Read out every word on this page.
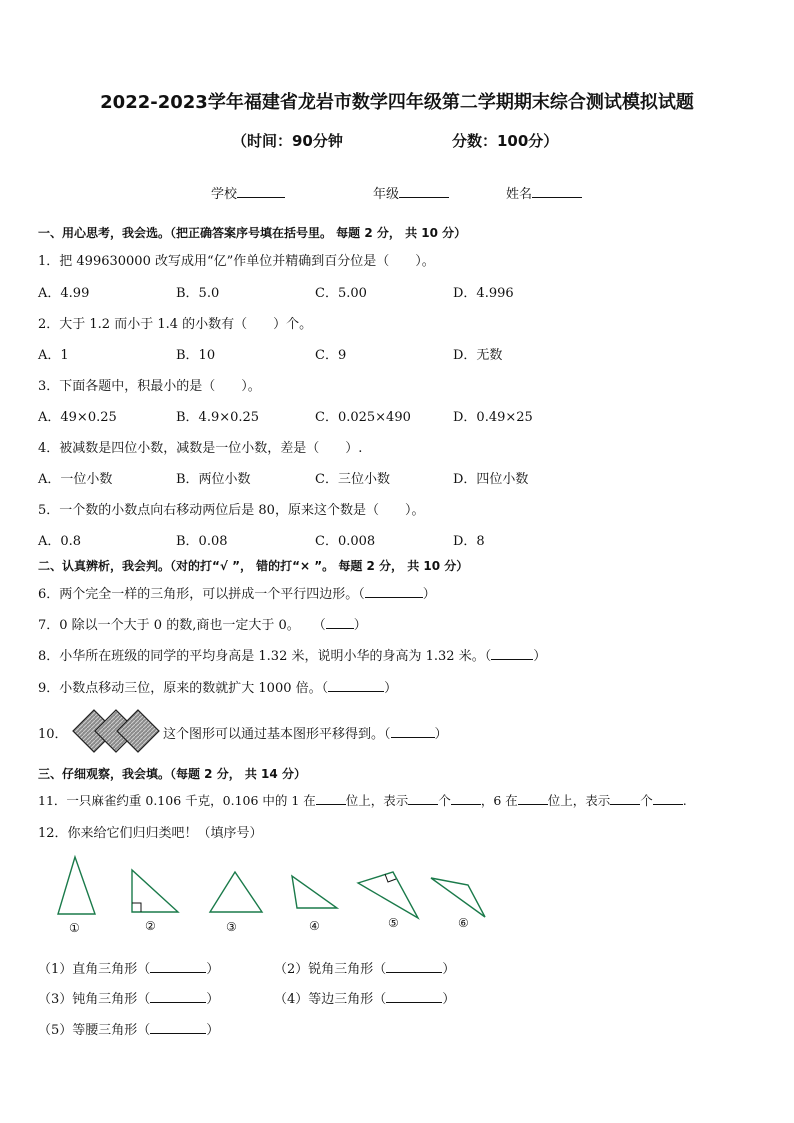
2022-2023学年福建省龙岩市数学四年级第二学期期末综合测试模拟试题
（时间：90分钟	分数：100分）
学校	年级	姓名
一、用心思考，我会选。（把正确答案序号填在括号里。 每题 2 分， 共 10 分）
1．把 499630000 改写成用“亿”作单位并精确到百分位是（　　）。
A．4.99	B．5.0	C．5.00	D．4.996
2．大于 1.2 而小于 1.4 的小数有（　　）个。
A．1	B．10	C．9	D．无数
3．下面各题中，积最小的是（　　）。
A．49×0.25	B．4.9×0.25	C．0.025×490	D．0.49×25
4．被减数是四位小数，减数是一位小数，差是（　　）.
A．一位小数	B．两位小数	C．三位小数	D．四位小数
5．一个数的小数点向右移动两位后是 80，原来这个数是（　　）。
A．0.8	B．0.08	C．0.008	D．8
二、认真辨析，我会判。（对的打“√ ”， 错的打“× ”。 每题 2 分， 共 10 分）
6．两个完全一样的三角形，可以拼成一个平行四边形。（	）
7．0 除以一个大于 0 的数,商也一定大于 0。　　（ ）
8．小华所在班级的同学的平均身高是 1.32 米，说明小华的身高为 1.32 米。（	）
9．小数点移动三位，原来的数就扩大 1000 倍。（	）
10．	这个图形可以通过基本图形平移得到。（	）
三、仔细观察，我会填。（每题 2 分， 共 14 分）
11．一只麻雀约重 0.106 千克，0.106 中的 1 在 位上，表示 个 ，6 在 位上，表示 个 .
12．你来给它们归归类吧！（填序号）
①	②	③	④	⑤	⑥
（1）直角三角形（	）	（2）锐角三角形（	）
（3）钝角三角形（	）	（4）等边三角形（	）
（5）等腰三角形（	）
